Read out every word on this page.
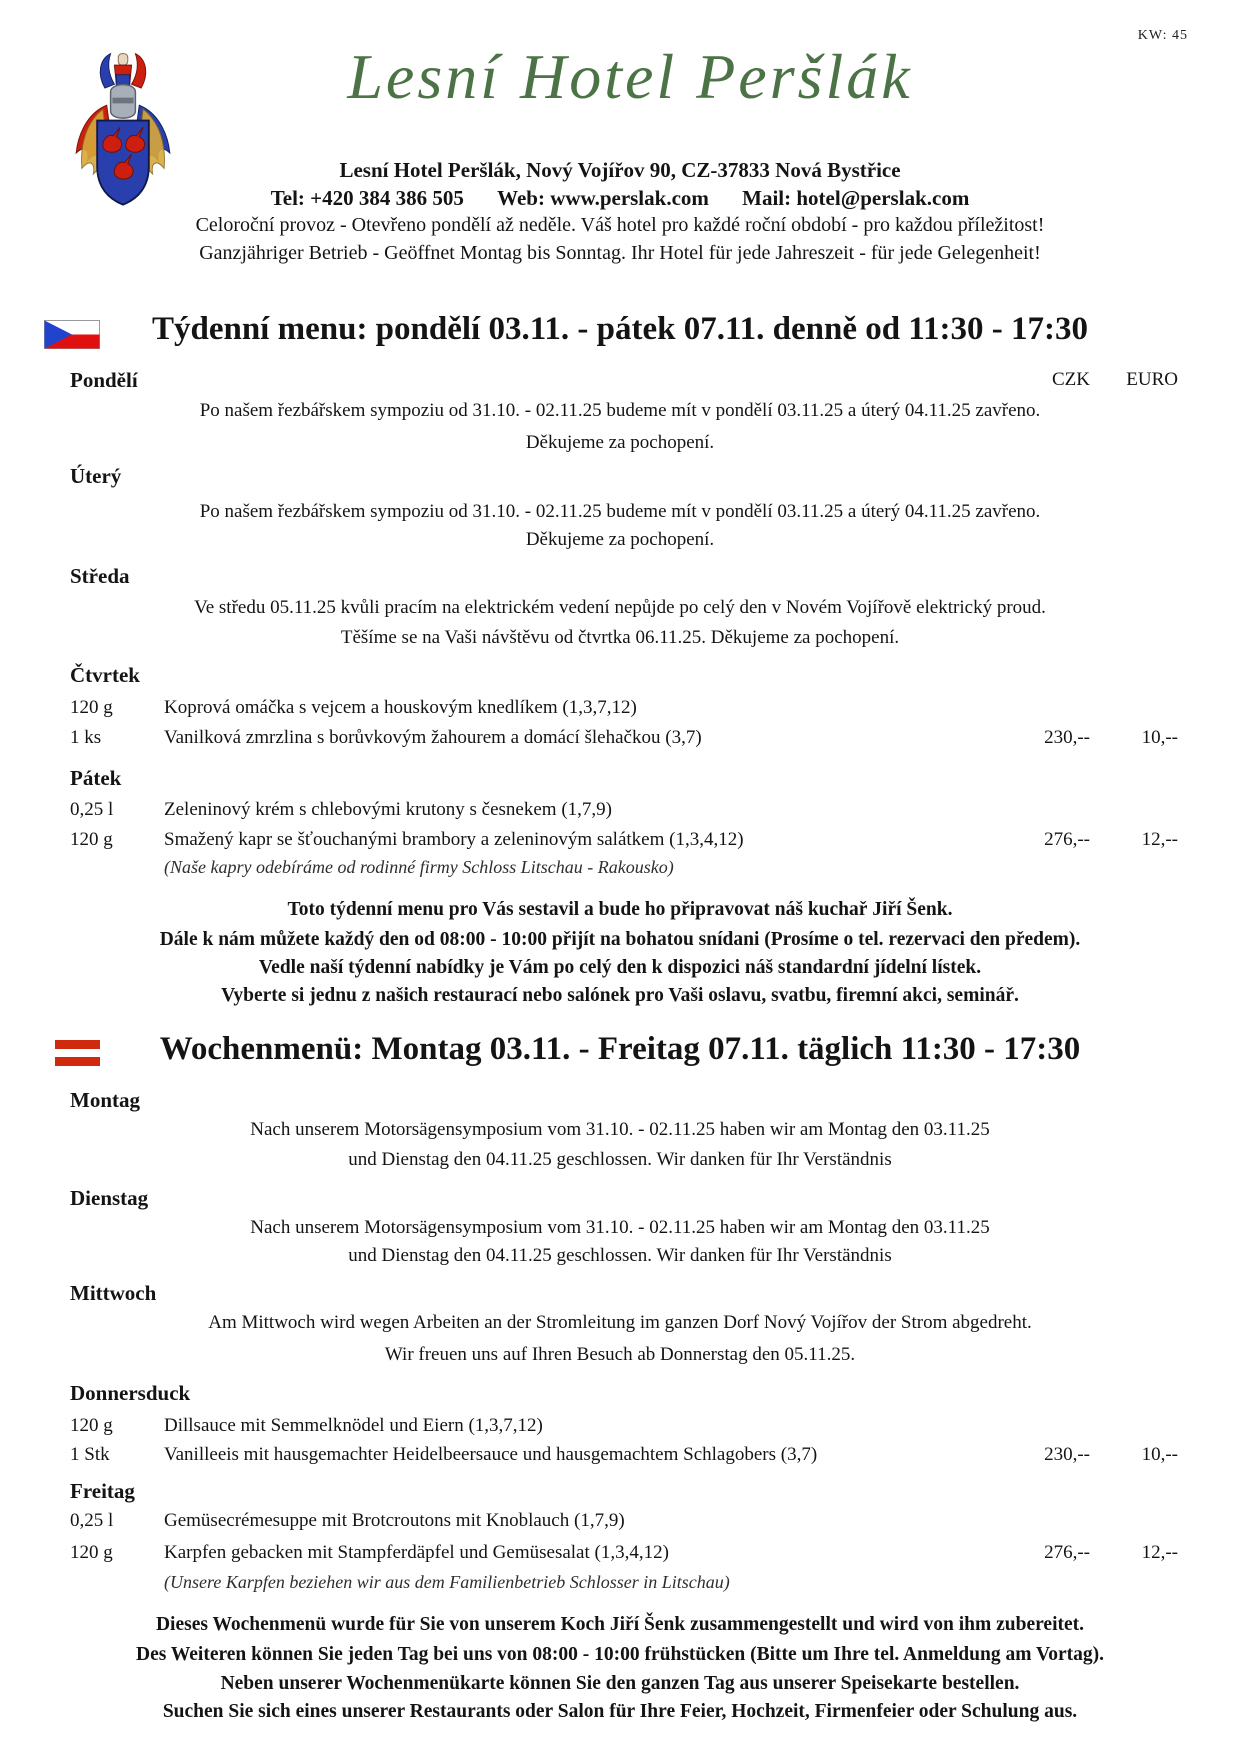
KW: 45
Lesní Hotel Peršlák
Lesní Hotel Peršlák, Nový Vojířov 90, CZ-37833 Nová Bystřice
Tel: +420 384 386 505 Web: www.perslak.com Mail: hotel@perslak.com
Celoroční provoz - Otevřeno pondělí až neděle. Váš hotel pro každé roční období - pro každou příležitost!
Ganzjähriger Betrieb - Geöffnet Montag bis Sonntag. Ihr Hotel für jede Jahreszeit - für jede Gelegenheit!
Týdenní menu: pondělí 03.11. - pátek 07.11. denně od 11:30 - 17:30
Pondělí	CZK	EURO
Po našem řezbářskem sympoziu od 31.10. - 02.11.25 budeme mít v pondělí 03.11.25 a úterý 04.11.25 zavřeno.
Děkujeme za pochopení.
Úterý
Po našem řezbářskem sympoziu od 31.10. - 02.11.25 budeme mít v pondělí 03.11.25 a úterý 04.11.25 zavřeno.
Děkujeme za pochopení.
Středa
Ve středu 05.11.25 kvůli pracím na elektrickém vedení nepůjde po celý den v Novém Vojířově elektrický proud.
Těšíme se na Vaši návštěvu od čtvrtka 06.11.25. Děkujeme za pochopení.
Čtvrtek
120 g	Koprová omáčka s vejcem a houskovým knedlíkem (1,3,7,12)
1 ks	Vanilková zmrzlina s borůvkovým žahourem a domácí šlehačkou (3,7)	230,--	10,--
Pátek
0,25 l	Zeleninový krém s chlebovými krutony s česnekem (1,7,9)
120 g	Smažený kapr se šťouchanými brambory a zeleninovým salátkem (1,3,4,12)	276,--	12,--
(Naše kapry odebíráme od rodinné firmy Schloss Litschau - Rakousko)
Toto týdenní menu pro Vás sestavil a bude ho připravovat náš kuchař Jiří Šenk.
Dále k nám můžete každý den od 08:00 - 10:00 přijít na bohatou snídani (Prosíme o tel. rezervaci den předem).
Vedle naší týdenní nabídky je Vám po celý den k dispozici náš standardní jídelní lístek.
Vyberte si jednu z našich restaurací nebo salónek pro Vaši oslavu, svatbu, firemní akci, seminář.
Wochenmenü: Montag 03.11. - Freitag 07.11. täglich 11:30 - 17:30
Montag
Nach unserem Motorsägensymposium vom 31.10. - 02.11.25 haben wir am Montag den 03.11.25
und Dienstag den 04.11.25 geschlossen. Wir danken für Ihr Verständnis
Dienstag
Nach unserem Motorsägensymposium vom 31.10. - 02.11.25 haben wir am Montag den 03.11.25
und Dienstag den 04.11.25 geschlossen. Wir danken für Ihr Verständnis
Mittwoch
Am Mittwoch wird wegen Arbeiten an der Stromleitung im ganzen Dorf Nový Vojířov der Strom abgedreht.
Wir freuen uns auf Ihren Besuch ab Donnerstag den 05.11.25.
Donnersduck
120 g	Dillsauce mit Semmelknödel und Eiern (1,3,7,12)
1 Stk	Vanilleeis mit hausgemachter Heidelbeersauce und hausgemachtem Schlagobers (3,7)	230,--	10,--
Freitag
0,25 l	Gemüsecrémesuppe mit Brotcroutons mit Knoblauch (1,7,9)
120 g	Karpfen gebacken mit Stampferdäpfel und Gemüsesalat (1,3,4,12)	276,--	12,--
(Unsere Karpfen beziehen wir aus dem Familienbetrieb Schlosser in Litschau)
Dieses Wochenmenü wurde für Sie von unserem Koch Jiří Šenk zusammengestellt und wird von ihm zubereitet.
Des Weiteren können Sie jeden Tag bei uns von 08:00 - 10:00 frühstücken (Bitte um Ihre tel. Anmeldung am Vortag).
Neben unserer Wochenmenükarte können Sie den ganzen Tag aus unserer Speisekarte bestellen.
Suchen Sie sich eines unserer Restaurants oder Salon für Ihre Feier, Hochzeit, Firmenfeier oder Schulung aus.
